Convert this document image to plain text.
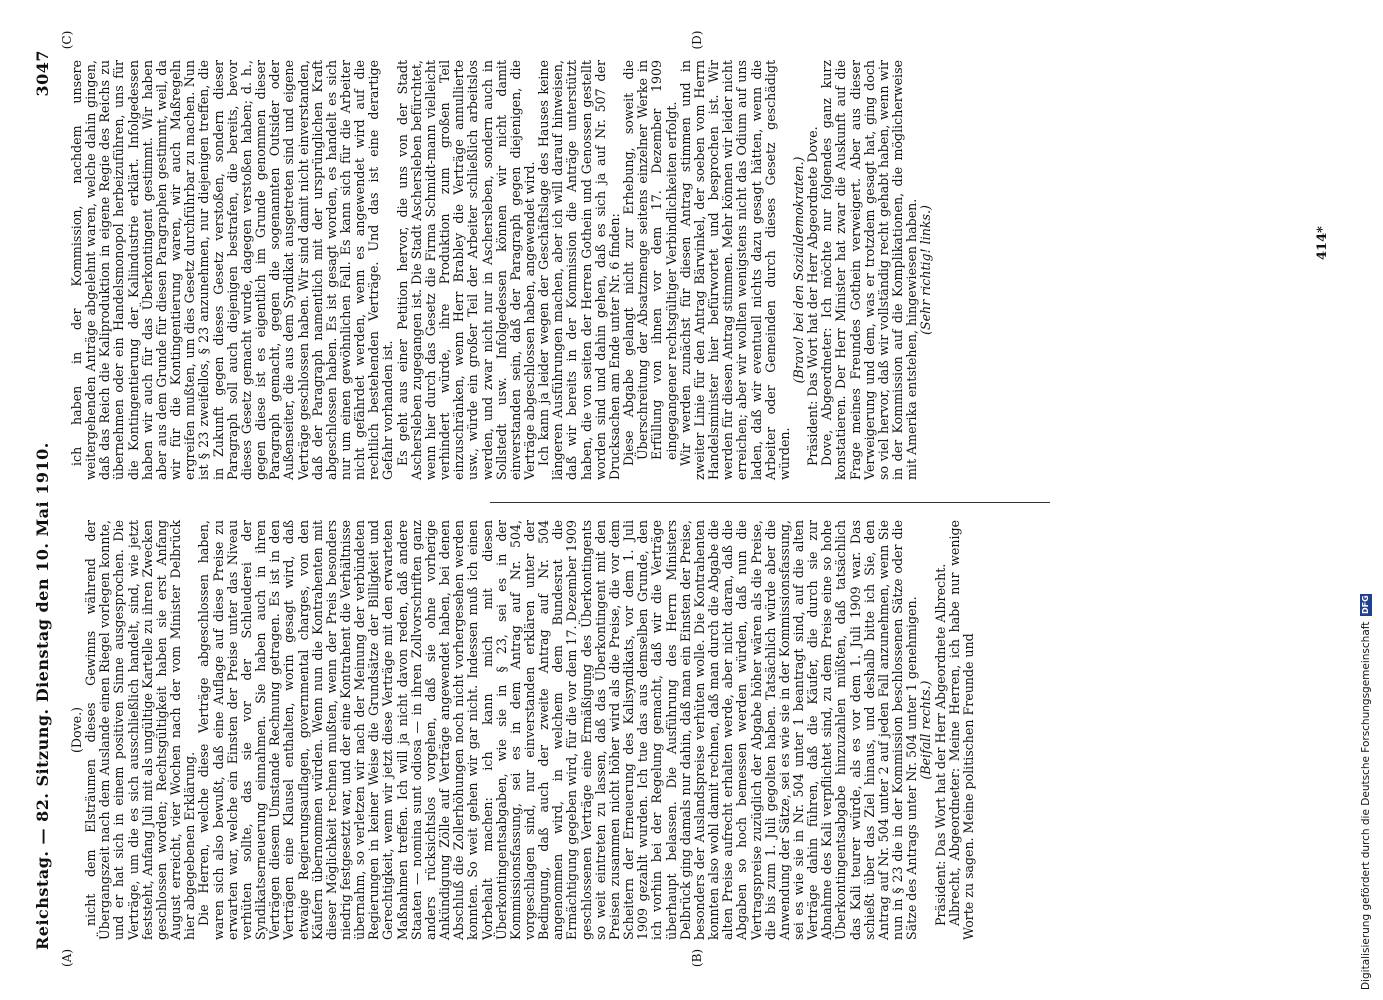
Reichstag. — 82. Sitzung. Dienstag den 10. Mai 1910.
3047
(A)	(B)
(C)	(D)

(Dove.) nicht dem Elsträumen dieses Gewinns während der Übergangszeit nach dem Auslande einen Riegel vorlegen konnte, und er hat sich in einem positiven Sinne ausgesprochen. Die Verträge, um die es sich ausschließlich handelt, sind, wie jetzt feststeht, Anfang Juli mit als ungültige Kartelle zu ihren Zwecken geschlossen worden; Rechtsgültigkeit haben sie erst Anfang August erreicht, vier Wochen nach der vom Minister Delbrück hier abgegebenen Erklärung. Die Herren, welche diese Verträge abgeschlossen haben, waren sich also bewußt, daß eine Auflage auf diese Preise zu erwarten war, welche ein Einsten der Preise unter das Niveau verhüten sollte, das sie vor der Schleuderei der Syndikatserneuerung einnahmen. Sie haben auch in ihren Verträgen diesem Umstande Rechnung getragen. Es ist in den Verträgen eine Klausel enthalten, worin gesagt wird, daß etwaige Regierungsauflagen, governmental charges, von den Käufern übernommen würden. Wenn nun die Kontrahenten mit dieser Möglichkeit rechnen mußten, wenn der Preis besonders niedrig festgesetzt war, und der eine Kontrahent die Verhältnisse übernahm, so verletzen wir nach der Meinung der verbündeten Regierungen in keiner Weise die Grundsätze der Billigkeit und Gerechtigkeit, wenn wir jetzt diese Verträge mit den erwarteten Maßnahmen treffen. Ich will ja nicht davon reden, daß andere Staaten — nomina sunt odiosa — in ihren Zollvorschriften ganz anders rücksichtslos vorgehen, daß sie ohne vorherige Ankündigung Zölle auf Verträge angewendet haben, bei denen Abschluß die Zollerhöhungen noch nicht vorhergesehen werden konnten. So weit gehen wir gar nicht. Indessen muß ich einen Vorbehalt machen: ich kann mich mit diesen Überkontingentsabgaben, wie sie in § 23, sei es in der Kommissionsfassung, sei es in dem Antrag auf Nr. 504, vorgeschlagen sind, nur einverstanden erklären unter der Bedingung, daß auch der zweite Antrag auf Nr. 504 angenommen wird, in welchem dem Bundesrat die Ermächtigung gegeben wird, für die vor dem 17. Dezember 1909 geschlossenen Verträge eine Ermäßigung des Überkontingents so weit eintreten zu lassen, daß das Überkontingent mit den Preisen zusammen nicht höher wird als die Preise, die vor dem Scheitern der Erneuerung des Kalisyndikats, vor dem 1. Juli 1909 gezahlt wurden. Ich tue das aus demselben Grunde, den ich vorhin bei der Regelung gemacht, daß wir die Verträge überhaupt belassen. Die Ausführung des Herrn Ministers Delbrück ging damals nur dahin, daß man ein Einsten der Preise, besonders der Auslandspreise verhüten wolle. Die Kontrahenten konnten also wohl damit rechnen, daß man durch die Abgabe die alten Preise aufrecht erhalten werde, aber nicht daran, daß die Abgaben so hoch bemessen werden würden, daß nun die Vertragspreise zuzüglich der Abgabe höher wären als die Preise, die bis zum 1. Juli gegolten haben. Tatsächlich würde aber die Anwendung der Sätze, sei es wie sie in der Kommissionsfassung, sei es wie sie in Nr. 504 unter 1 beantragt sind, auf die alten Verträge dahin führen, daß die Käufer, die durch sie zur Abnahme des Kali verpflichtet sind, zu dem Preise eine so hohe Überkontingentsabgabe hinzuzahlen müßten, daß tatsächlich das Kali teurer würde, als es vor dem 1. Juli 1909 war. Das schießt über das Ziel hinaus, und deshalb bitte ich Sie, den Antrag auf Nr. 504 unter 2 auf jeden Fall anzunehmen, wenn Sie nun in § 23 die in der Kommission beschlossenen Sätze oder die Sätze des Antrags unter Nr. 504 unter 1 genehmigen. (Beifall rechts.) Präsident: Das Wort hat der Herr Abgeordnete Albrecht. Albrecht, Abgeordneter: Meine Herren, ich habe nur wenige Worte zu sagen. Meine politischen Freunde und

ich haben in der Kommission, nachdem unsere weitergehenden Anträge abgelehnt waren, welche dahin gingen, daß das Reich die Kaliproduktion in eigene Regie des Reichs zu übernehmen oder ein Handelsmonopol herbeizuführen, uns für die Kontingentierung der Kaliindustrie erklärt. Infolgedessen haben wir auch für das Überkontingent gestimmt. Wir haben aber aus dem Grunde für diesen Paragraphen gestimmt, weil, da wir für die Kontingentierung waren, wir auch Maßregeln ergreifen mußten, um dies Gesetz durchführbar zu machen. Nun ist § 23 zweifellos, § 23 anzunehmen, nur diejenigen treffen, die in Zukunft gegen dieses Gesetz verstoßen, sondern dieser Paragraph soll auch diejenigen bestrafen, die bereits, bevor dieses Gesetz gemacht wurde, dagegen verstoßen haben; d. h., gegen diese ist es eigentlich im Grunde genommen dieser Paragraph gemacht, gegen die sogenannten Outsider oder Außenseiter, die aus dem Syndikat ausgetreten sind und eigene Verträge geschlossen haben. Wir sind damit nicht einverstanden, daß der Paragraph namentlich mit der ursprünglichen Kraft abgeschlossen haben. Es ist gesagt worden, es handelt es sich nur um einen gewöhnlichen Fall. Es kann sich für die Arbeiter nicht gefährdet werden, wenn es angewendet wird auf die rechtlich bestehenden Verträge. Und das ist eine derartige Gefahr vorhanden ist. Es geht aus einer Petition hervor, die uns von der Stadt Aschersleben zugegangen ist. Die Stadt Aschersleben befürchtet, wenn hier durch das Gesetz die Firma Schmidt-mann vielleicht verhindert würde, ihre Produktion zum großen Teil einzuschränken, wenn Herr Brabley die Verträge annullierte usw., würde ein großer Teil der Arbeiter schließlich arbeitslos werden, und zwar nicht nur in Aschersleben, sondern auch in Sollstedt usw. Infolgedessen können wir nicht damit einverstanden sein, daß der Paragraph gegen diejenigen, die Verträge abgeschlossen haben, angewendet wird. Ich kann ja leider wegen der Geschäftslage des Hauses keine längeren Ausführungen machen, aber ich will darauf hinweisen, daß wir bereits in der Kommission die Anträge unterstützt haben, die von seiten der Herren Gothein und Genossen gestellt worden sind und dahin gehen, daß es sich ja auf Nr. 507 der Drucksachen am Ende unter Nr. 6 finden: Diese Abgabe gelangt nicht zur Erhebung, soweit die Überschreitung der Absatzmenge seitens einzelner Werke in Erfüllung von ihnen vor dem 17. Dezember 1909 eingegangener rechtsgültiger Verbindlichkeiten erfolgt. Wir werden zunächst für diesen Antrag stimmen und in zweiter Linie für den Antrag Bärwinkel, der soeben vom Herrn Handelsminister hier befürwortet und besprochen ist. Wir werden für diesen Antrag stimmen. Mehr können wir leider nicht erreichen; aber wir wollten wenigstens nicht das Odium auf uns laden, daß wir eventuell nichts dazu gesagt hätten, wenn die Arbeiter oder Gemeinden durch dieses Gesetz geschädigt würden.

(Bravo! bei den Sozialdemokraten.) Präsident: Das Wort hat der Herr Abgeordnete Dove. Dove, Abgeordneter: Ich möchte nur folgendes ganz kurz konstatieren. Der Herr Minister hat zwar die Auskunft auf die Frage meines Freundes Gothein verweigert. Aber aus dieser Verweigerung und dem, was er trotzdem gesagt hat, ging doch so viel hervor, daß wir vollständig recht gehabt haben, wenn wir in der Kommission auf die Komplikationen, die möglicherweise mit Amerika entstehen, hingewiesen haben. (Sehr richtig! links.)	414*
Digitalisierung gefördert durch die Deutsche Forschungsgemeinschaft
DFG
